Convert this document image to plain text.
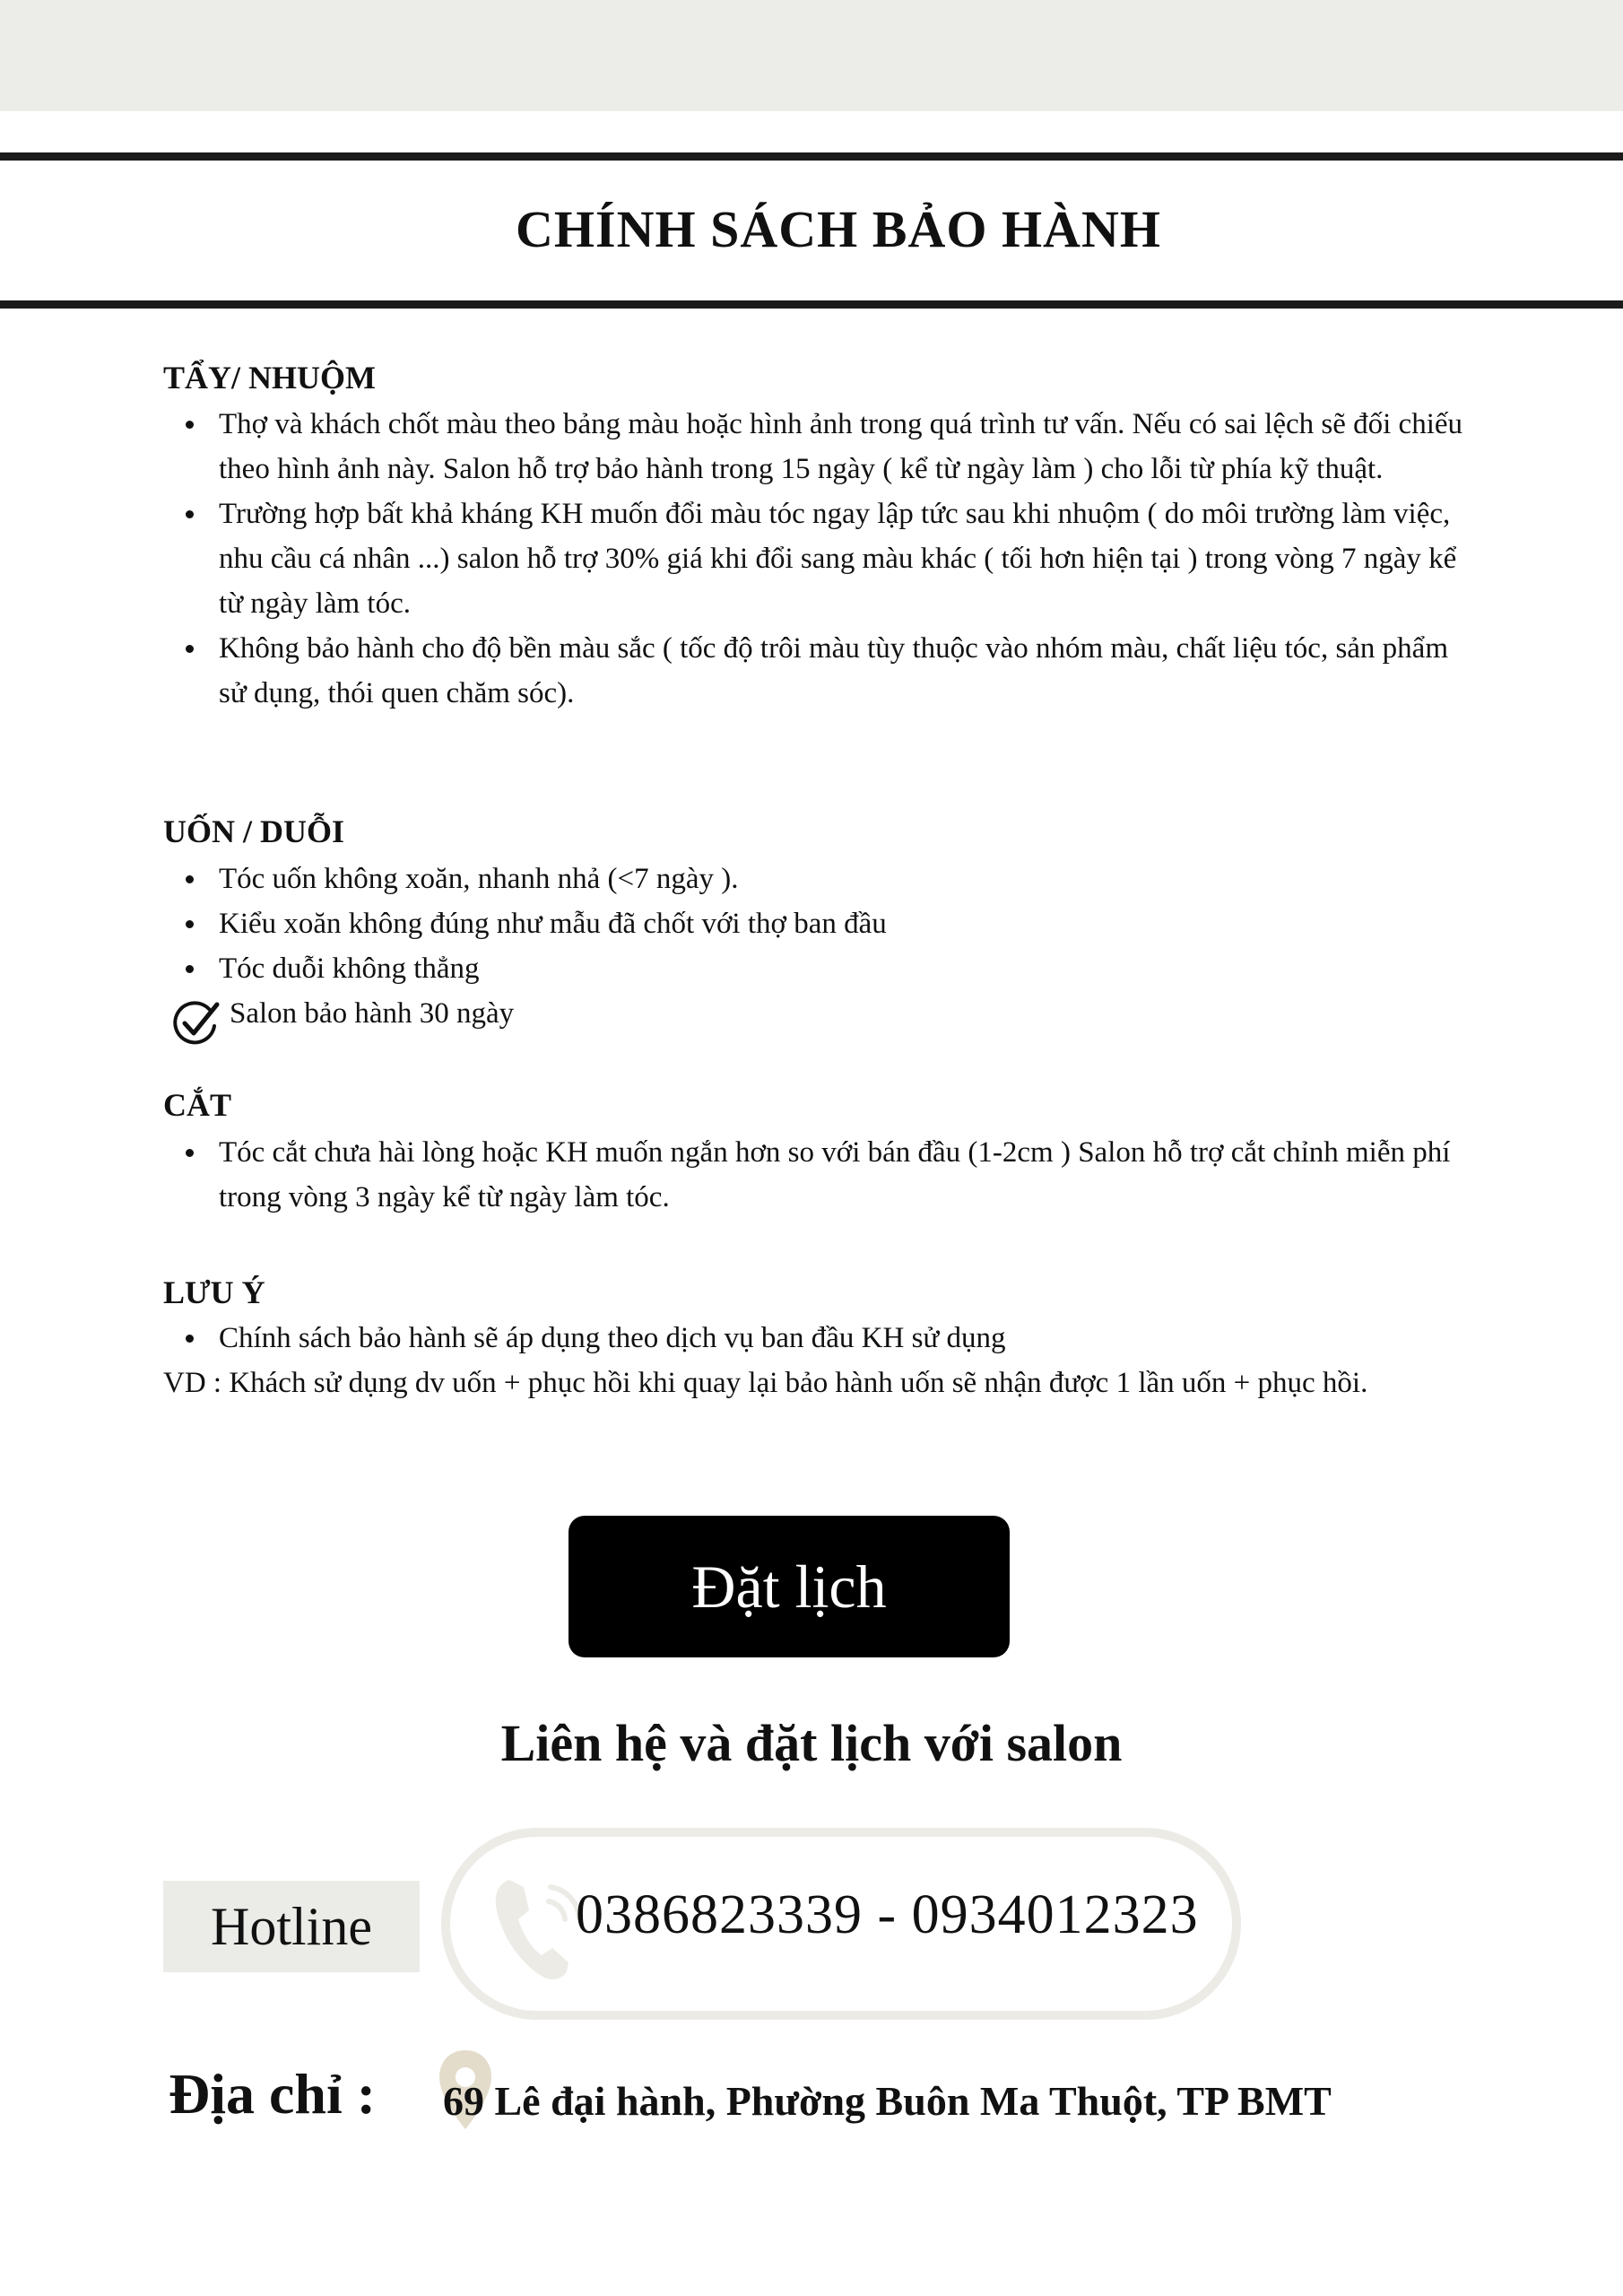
CHÍNH SÁCH BẢO HÀNH
TẨY/ NHUỘM
Thợ và khách chốt màu theo bảng màu hoặc hình ảnh trong quá trình tư vấn. Nếu có sai lệch sẽ đối chiếu theo hình ảnh này. Salon hỗ trợ bảo hành trong 15 ngày ( kể từ ngày làm ) cho lỗi từ phía kỹ thuật.
Trường hợp bất khả kháng KH muốn đổi màu tóc ngay lập tức sau khi nhuộm ( do môi trường làm việc, nhu cầu cá nhân ...) salon hỗ trợ 30% giá khi đổi sang màu khác ( tối hơn hiện tại ) trong vòng 7 ngày kể từ ngày làm tóc.
Không bảo hành cho độ bền màu sắc ( tốc độ trôi màu tùy thuộc vào nhóm màu, chất liệu tóc, sản phẩm sử dụng, thói quen chăm sóc).
UỐN / DUỖI
Tóc uốn không xoăn, nhanh nhả (<7 ngày ).
Kiểu xoăn không đúng như mẫu đã chốt với thợ ban đầu
Tóc duỗi không thẳng
Salon bảo hành 30 ngày
CẮT
Tóc cắt chưa hài lòng hoặc KH muốn ngắn hơn so với bán đầu (1-2cm ) Salon hỗ trợ cắt chỉnh miễn phí trong vòng 3 ngày kể từ ngày làm tóc.
LƯU Ý
Chính sách bảo hành sẽ áp dụng theo dịch vụ ban đầu KH sử dụng

VD : Khách sử dụng dv uốn + phục hồi khi quay lại bảo hành uốn sẽ nhận được 1 lần uốn + phục hồi.

Đặt lịch
Liên hệ và đặt lịch với salon
Hotline	0386823339 - 0934012323

Địa chỉ : 69 Lê đại hành, Phường Buôn Ma Thuột, TP BMT
